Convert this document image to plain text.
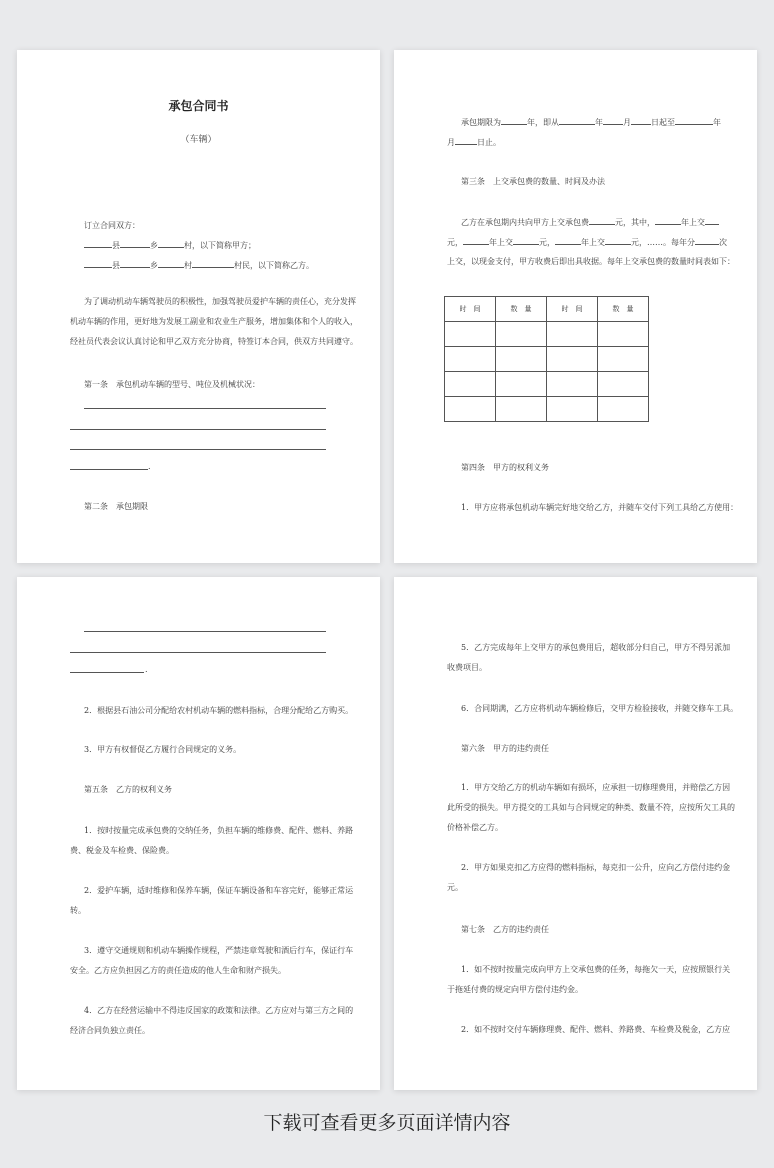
承包合同书
（车辆）
订立合同双方：
县	乡	村，以下简称甲方；
县	乡	村	村民，以下简称乙方。
为了调动机动车辆驾驶员的积极性，加强驾驶员爱护车辆的责任心，充分发挥
机动车辆的作用，更好地为发展工副业和农业生产服务，增加集体和个人的收入，
经社员代表会议认真讨论和甲乙双方充分协商，特签订本合同，供双方共同遵守。
第一条　承包机动车辆的型号、吨位及机械状况：
.
第二条　承包期限
承包期限为	年，即从	年	月	日起至	年
月	日止。
第三条　上交承包费的数量、时间及办法
乙方在承包期内共向甲方上交承包费	元，其中，	年上交
元，	年上交	元，	年上交	元，……。每年分	次
上交，以现金支付，甲方收费后即出具收据。每年上交承包费的数量时间表如下：
时　间	数　量	时　间	数　量

第四条　甲方的权利义务
1．甲方应将承包机动车辆完好地交给乙方，并随车交付下列工具给乙方使用：
.
2．根据县石油公司分配给农村机动车辆的燃料指标，合理分配给乙方购买。
3．甲方有权督促乙方履行合同规定的义务。
第五条　乙方的权利义务
1．按时按量完成承包费的交纳任务，负担车辆的维修费、配件、燃料、养路
费、税金及车检费、保险费。
2．爱护车辆，适时维修和保养车辆，保证车辆设备和车容完好，能够正常运
转。
3．遵守交通规则和机动车辆操作规程，严禁违章驾驶和酒后行车，保证行车
安全。乙方应负担因乙方的责任造成的他人生命和财产损失。
4．乙方在经营运输中不得违反国家的政策和法律。乙方应对与第三方之间的
经济合同负独立责任。
5．乙方完成每年上交甲方的承包费用后，超收部分归自己，甲方不得另派加
收费项目。
6．合同期满，乙方应将机动车辆检修后，交甲方检验接收，并随交修车工具。
第六条　甲方的违约责任
1．甲方交给乙方的机动车辆如有损坏，应承担一切修理费用，并赔偿乙方因
此所受的损失。甲方提交的工具如与合同规定的种类、数量不符，应按所欠工具的
价格补偿乙方。
2．甲方如果克扣乙方应得的燃料指标，每克扣一公升，应向乙方偿付违约金
元。
第七条　乙方的违约责任
1．如不按时按量完成向甲方上交承包费的任务，每拖欠一天，应按照银行关
于拖延付费的规定向甲方偿付违约金。
2．如不按时交付车辆修理费、配件、燃料、养路费、车检费及税金，乙方应
下载可查看更多页面详情内容
